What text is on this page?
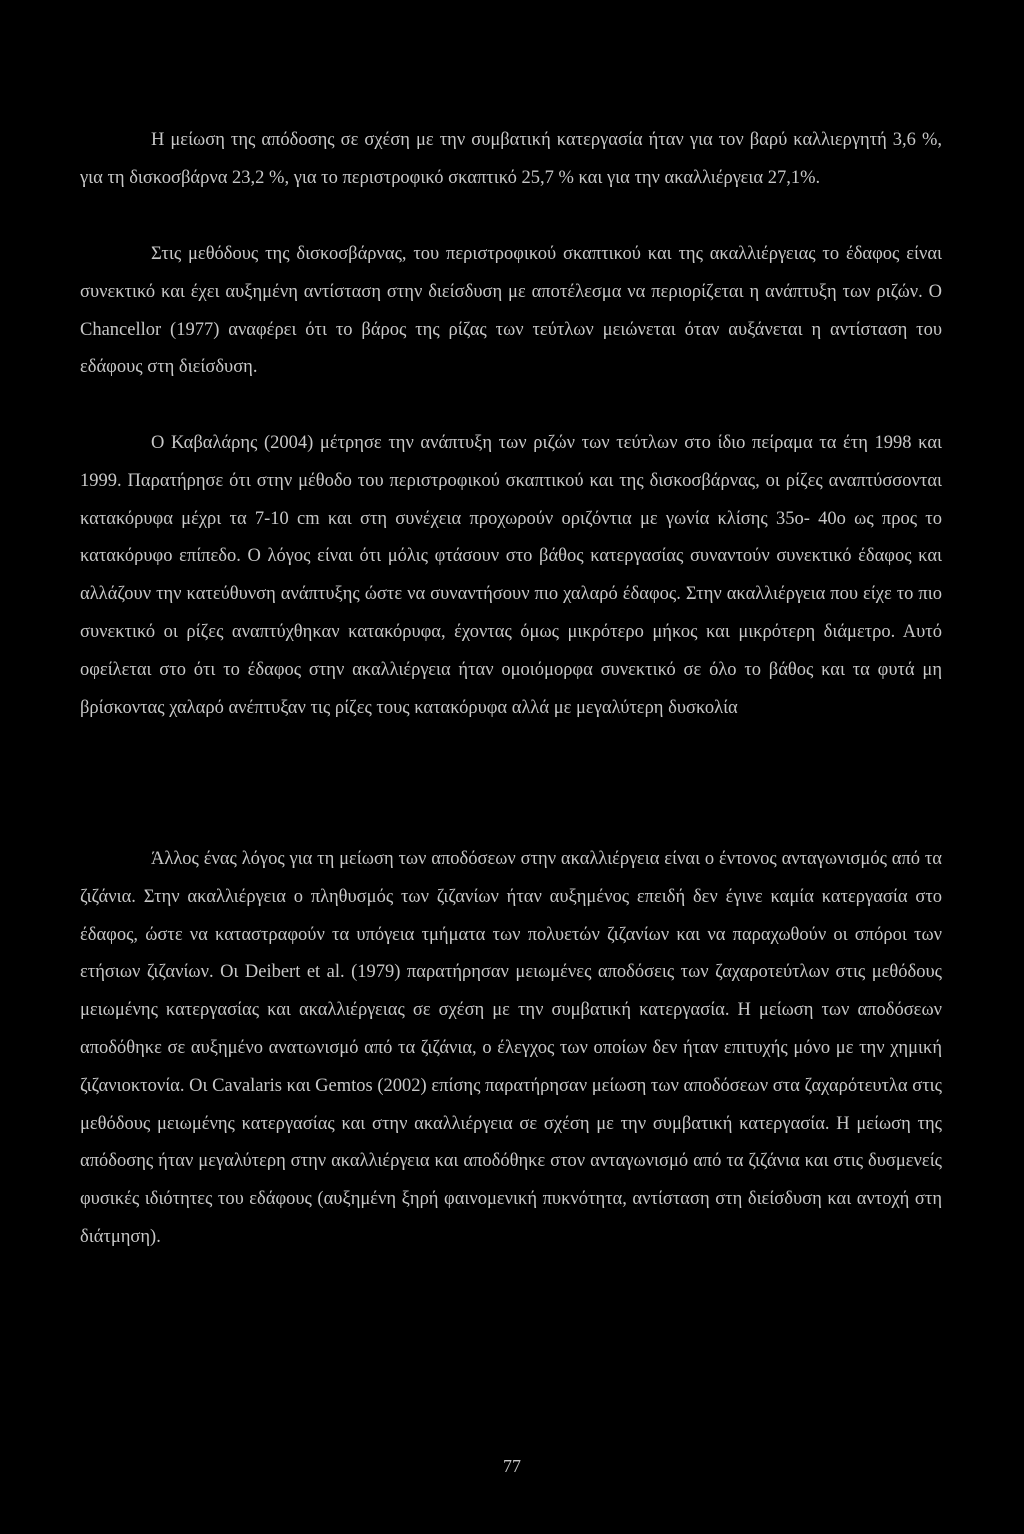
Η μείωση της απόδοσης σε σχέση με την συμβατική κατεργασία ήταν για τον βαρύ καλλιεργητή 3,6 %, για τη δισκοσβάρνα 23,2 %, για το περιστροφικό σκαπτικό 25,7 % και για την ακαλλιέργεια 27,1%.

Στις μεθόδους της δισκοσβάρνας, του περιστροφικού σκαπτικού και της ακαλλιέργειας το έδαφος είναι συνεκτικό και έχει αυξημένη αντίσταση στην διείσδυση με αποτέλεσμα να περιορίζεται η ανάπτυξη των ριζών. Ο Chancellor (1977) αναφέρει ότι το βάρος της ρίζας των τεύτλων μειώνεται όταν αυξάνεται η αντίσταση του εδάφους στη διείσδυση.

Ο Καβαλάρης (2004) μέτρησε την ανάπτυξη των ριζών των τεύτλων στο ίδιο πείραμα τα έτη 1998 και 1999. Παρατήρησε ότι στην μέθοδο του περιστροφικού σκαπτικού και της δισκοσβάρνας, οι ρίζες αναπτύσσονται κατακόρυφα μέχρι τα 7-10 cm και στη συνέχεια προχωρούν οριζόντια με γωνία κλίσης 35ο- 40ο ως προς το κατακόρυφο επίπεδο. Ο λόγος είναι ότι μόλις φτάσουν στο βάθος κατεργασίας συναντούν συνεκτικό έδαφος και αλλάζουν την κατεύθυνση ανάπτυξης ώστε να συναντήσουν πιο χαλαρό έδαφος. Στην ακαλλιέργεια που είχε το πιο συνεκτικό οι ρίζες αναπτύχθηκαν κατακόρυφα, έχοντας όμως μικρότερο μήκος και μικρότερη διάμετρο. Αυτό οφείλεται στο ότι το έδαφος στην ακαλλιέργεια ήταν ομοιόμορφα συνεκτικό σε όλο το βάθος και τα φυτά μη βρίσκοντας χαλαρό ανέπτυξαν τις ρίζες τους κατακόρυφα αλλά με μεγαλύτερη δυσκολία

Άλλος ένας λόγος για τη μείωση των αποδόσεων στην ακαλλιέργεια είναι ο έντονος ανταγωνισμός από τα ζιζάνια. Στην ακαλλιέργεια ο πληθυσμός των ζιζανίων ήταν αυξημένος επειδή δεν έγινε καμία κατεργασία στο έδαφος, ώστε να καταστραφούν τα υπόγεια τμήματα των πολυετών ζιζανίων και να παραχωθούν οι σπόροι των ετήσιων ζιζανίων. Οι Deibert et al. (1979) παρατήρησαν μειωμένες αποδόσεις των ζαχαροτεύτλων στις μεθόδους μειωμένης κατεργασίας και ακαλλιέργειας σε σχέση με την συμβατική κατεργασία. Η μείωση των αποδόσεων αποδόθηκε σε αυξημένο ανατωνισμό από τα ζιζάνια, ο έλεγχος των οποίων δεν ήταν επιτυχής μόνο με την χημική ζιζανιοκτονία. Οι Cavalaris και Gemtos (2002) επίσης παρατήρησαν μείωση των αποδόσεων στα ζαχαρότευτλα στις μεθόδους μειωμένης κατεργασίας και στην ακαλλιέργεια σε σχέση με την συμβατική κατεργασία. Η μείωση της απόδοσης ήταν μεγαλύτερη στην ακαλλιέργεια και αποδόθηκε στον ανταγωνισμό από τα ζιζάνια και στις δυσμενείς φυσικές ιδιότητες του εδάφους (αυξημένη ξηρή φαινομενική πυκνότητα, αντίσταση στη διείσδυση και αντοχή στη διάτμηση).

77
